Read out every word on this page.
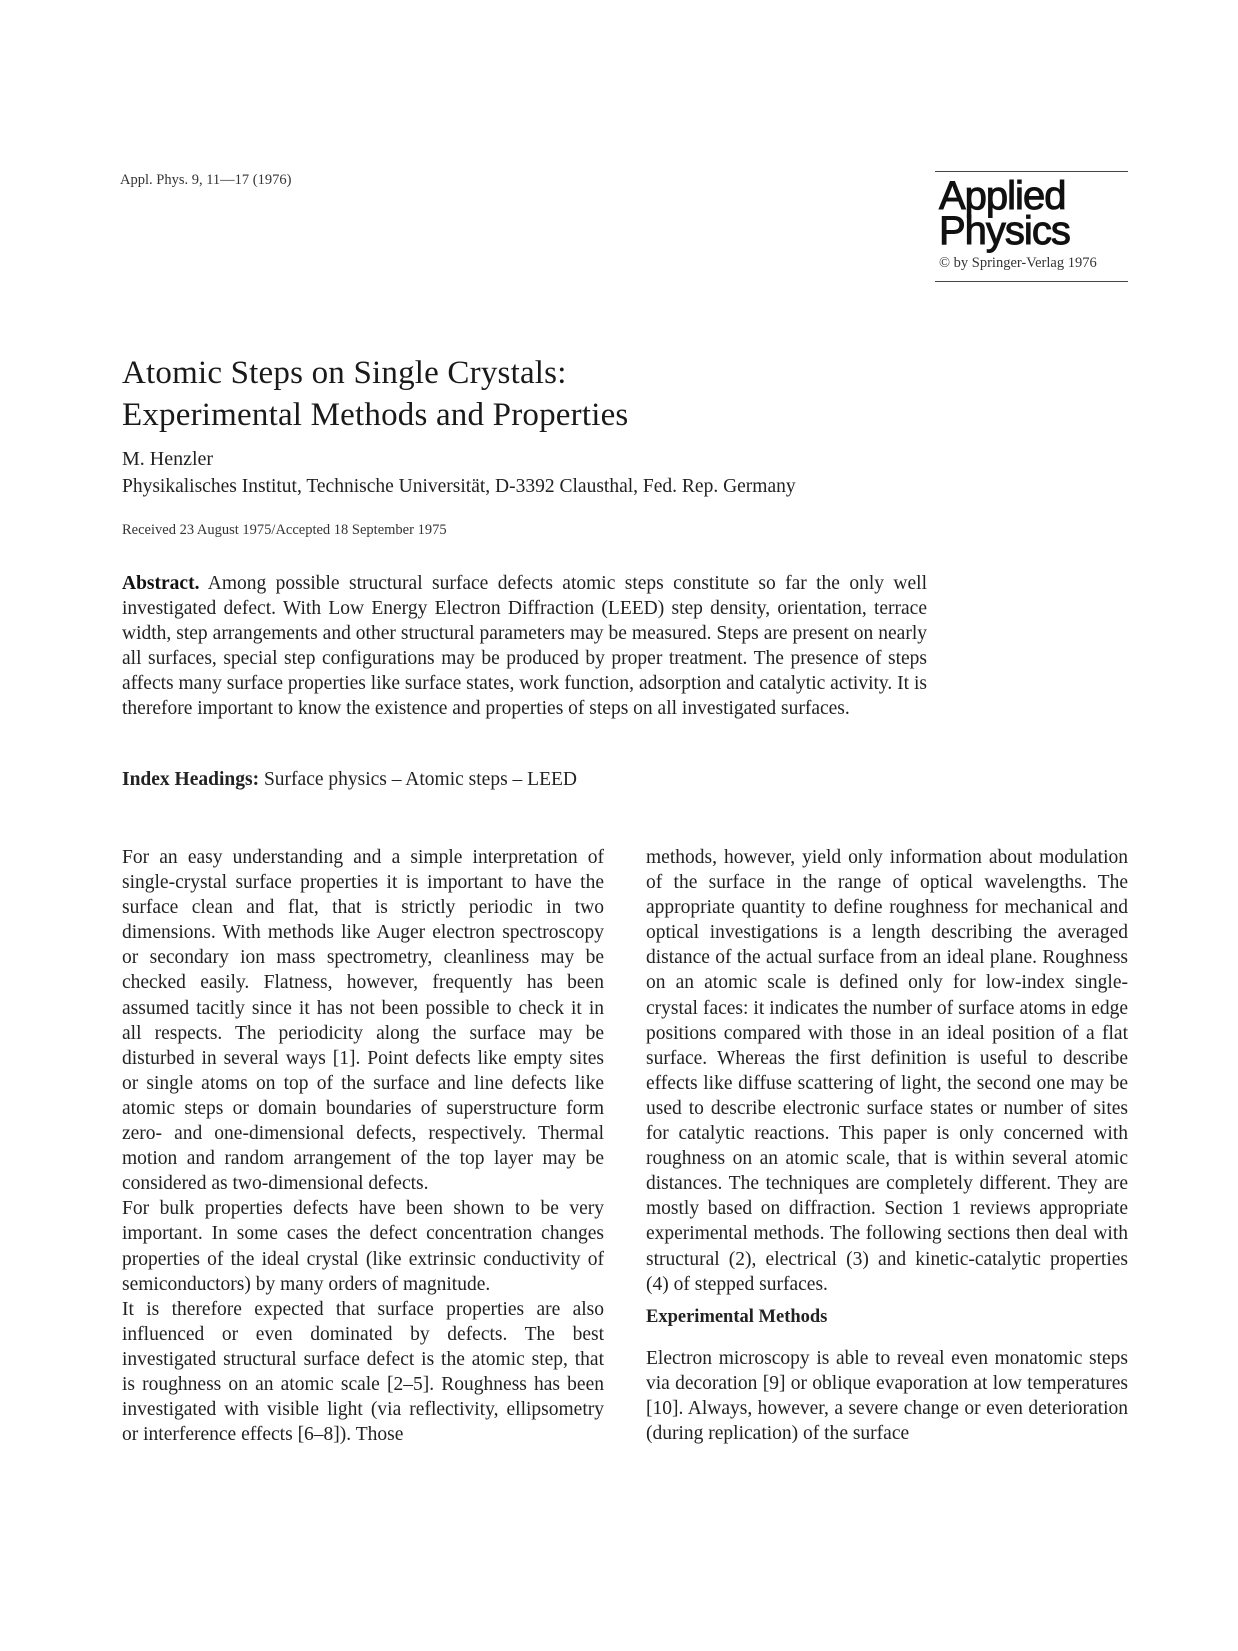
Appl. Phys. 9, 11—17 (1976)	Applied
Physics
© by Springer-Verlag 1976
Atomic Steps on Single Crystals:
Experimental Methods and Properties
M. Henzler
Physikalisches Institut, Technische Universität, D-3392 Clausthal, Fed. Rep. Germany
Received 23 August 1975/Accepted 18 September 1975
Abstract. Among possible structural surface defects atomic steps constitute so far the only well investigated defect. With Low Energy Electron Diffraction (LEED) step density, orientation, terrace width, step arrangements and other structural parameters may be measured. Steps are present on nearly all surfaces, special step configurations may be produced by proper treatment. The presence of steps affects many surface properties like surface states, work function, adsorption and catalytic activity. It is therefore important to know the existence and properties of steps on all investigated surfaces.
Index Headings: Surface physics – Atomic steps – LEED

For an easy understanding and a simple interpretation of single-crystal surface properties it is important to have the surface clean and flat, that is strictly periodic in two dimensions. With methods like Auger electron spectroscopy or secondary ion mass spectrometry, cleanliness may be checked easily. Flatness, however, frequently has been assumed tacitly since it has not been possible to check it in all respects. The periodicity along the surface may be disturbed in several ways [1]. Point defects like empty sites or single atoms on top of the surface and line defects like atomic steps or domain boundaries of superstructure form zero- and one-dimensional defects, respectively. Thermal motion and random arrangement of the top layer may be considered as two-dimensional defects.

For bulk properties defects have been shown to be very important. In some cases the defect concentration changes properties of the ideal crystal (like extrinsic conductivity of semiconductors) by many orders of magnitude.

It is therefore expected that surface properties are also influenced or even dominated by defects. The best investigated structural surface defect is the atomic step, that is roughness on an atomic scale [2–5]. Roughness has been investigated with visible light (via reflectivity, ellipsometry or interference effects [6–8]). Those

methods, however, yield only information about modulation of the surface in the range of optical wavelengths. The appropriate quantity to define roughness for mechanical and optical investigations is a length describing the averaged distance of the actual surface from an ideal plane. Roughness on an atomic scale is defined only for low-index single-crystal faces: it indicates the number of surface atoms in edge positions compared with those in an ideal position of a flat surface. Whereas the first definition is useful to describe effects like diffuse scattering of light, the second one may be used to describe electronic surface states or number of sites for catalytic reactions. This paper is only concerned with roughness on an atomic scale, that is within several atomic distances. The techniques are completely different. They are mostly based on diffraction. Section 1 reviews appropriate experimental methods. The following sections then deal with structural (2), electrical (3) and kinetic-catalytic properties (4) of stepped surfaces.

Experimental Methods

Electron microscopy is able to reveal even monatomic steps via decoration [9] or oblique evaporation at low temperatures [10]. Always, however, a severe change or even deterioration (during replication) of the surface
